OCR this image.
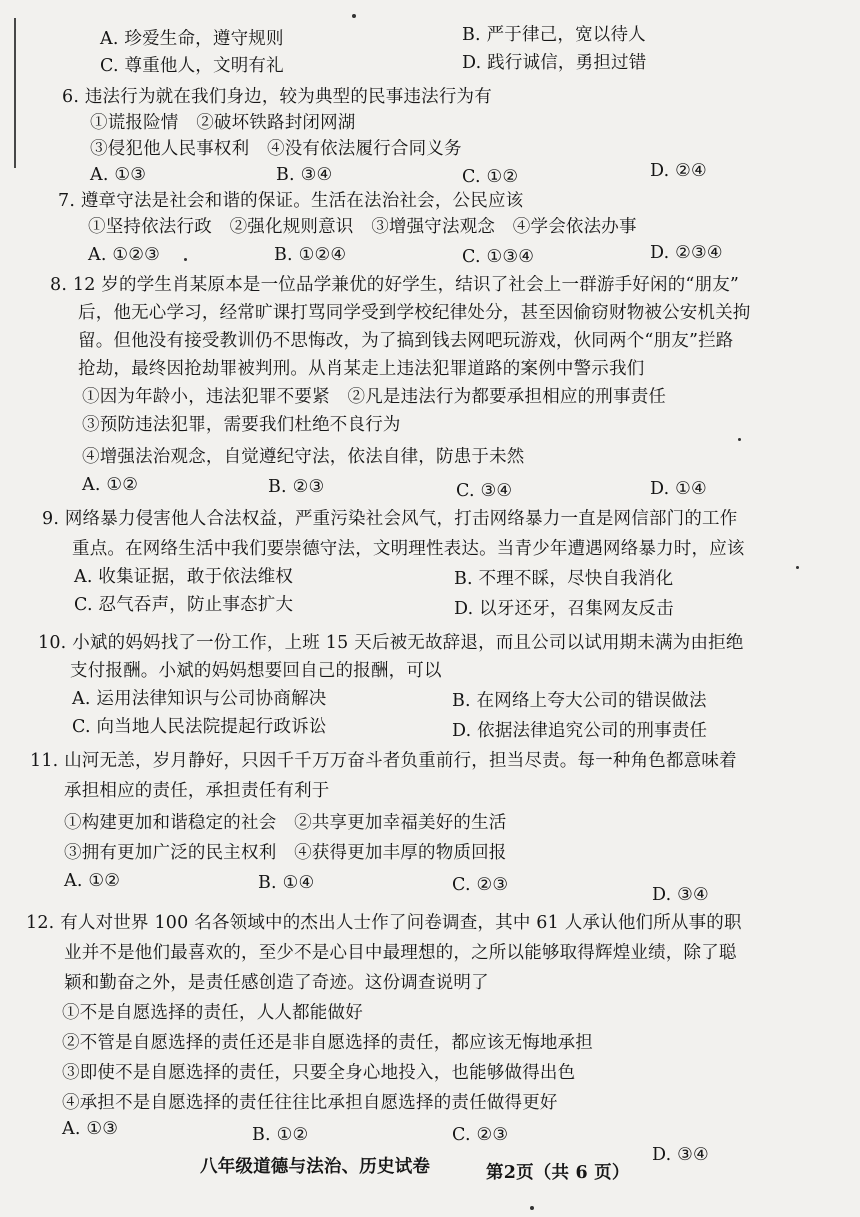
A. 珍爱生命，遵守规则	B. 严于律己，宽以待人
C. 尊重他人，文明有礼	D. 践行诚信，勇担过错
6. 违法行为就在我们身边，较为典型的民事违法行为有
①谎报险情　②破坏铁路封闭网湖
③侵犯他人民事权利　④没有依法履行合同义务
A. ①③	B. ③④	C. ①②	D. ②④
7. 遵章守法是社会和谐的保证。生活在法治社会，公民应该
①坚持依法行政　②强化规则意识　③增强守法观念　④学会依法办事
A. ①②③	B. ①②④	C. ①③④	D. ②③④
8. 12 岁的学生肖某原本是一位品学兼优的好学生，结识了社会上一群游手好闲的“朋友”
后，他无心学习，经常旷课打骂同学受到学校纪律处分，甚至因偷窃财物被公安机关拘
留。但他没有接受教训仍不思悔改，为了搞到钱去网吧玩游戏，伙同两个“朋友”拦路
抢劫，最终因抢劫罪被判刑。从肖某走上违法犯罪道路的案例中警示我们
①因为年龄小，违法犯罪不要紧　②凡是违法行为都要承担相应的刑事责任
③预防违法犯罪，需要我们杜绝不良行为
④增强法治观念，自觉遵纪守法，依法自律，防患于未然
A. ①②	B. ②③	C. ③④	D. ①④
9. 网络暴力侵害他人合法权益，严重污染社会风气，打击网络暴力一直是网信部门的工作
重点。在网络生活中我们要崇德守法，文明理性表达。当青少年遭遇网络暴力时，应该
A. 收集证据，敢于依法维权	B. 不理不睬，尽快自我消化
C. 忍气吞声，防止事态扩大	D. 以牙还牙，召集网友反击
10. 小斌的妈妈找了一份工作，上班 15 天后被无故辞退，而且公司以试用期未满为由拒绝
支付报酬。小斌的妈妈想要回自己的报酬，可以
A. 运用法律知识与公司协商解决	B. 在网络上夸大公司的错误做法
C. 向当地人民法院提起行政诉讼	D. 依据法律追究公司的刑事责任
11. 山河无恙，岁月静好，只因千千万万奋斗者负重前行，担当尽责。每一种角色都意味着
承担相应的责任，承担责任有利于
①构建更加和谐稳定的社会　②共享更加幸福美好的生活
③拥有更加广泛的民主权利　④获得更加丰厚的物质回报
A. ①②	B. ①④	C. ②③	D. ③④
12. 有人对世界 100 名各领域中的杰出人士作了问卷调查，其中 61 人承认他们所从事的职
业并不是他们最喜欢的，至少不是心目中最理想的，之所以能够取得辉煌业绩，除了聪
颖和勤奋之外，是责任感创造了奇迹。这份调查说明了
①不是自愿选择的责任，人人都能做好
②不管是自愿选择的责任还是非自愿选择的责任，都应该无悔地承担
③即使不是自愿选择的责任，只要全身心地投入，也能够做得出色
④承担不是自愿选择的责任往往比承担自愿选择的责任做得更好
A. ①③	B. ①②	C. ②③
D. ③④
八年级道德与法治、历史试卷	第2页（共 6 页）
